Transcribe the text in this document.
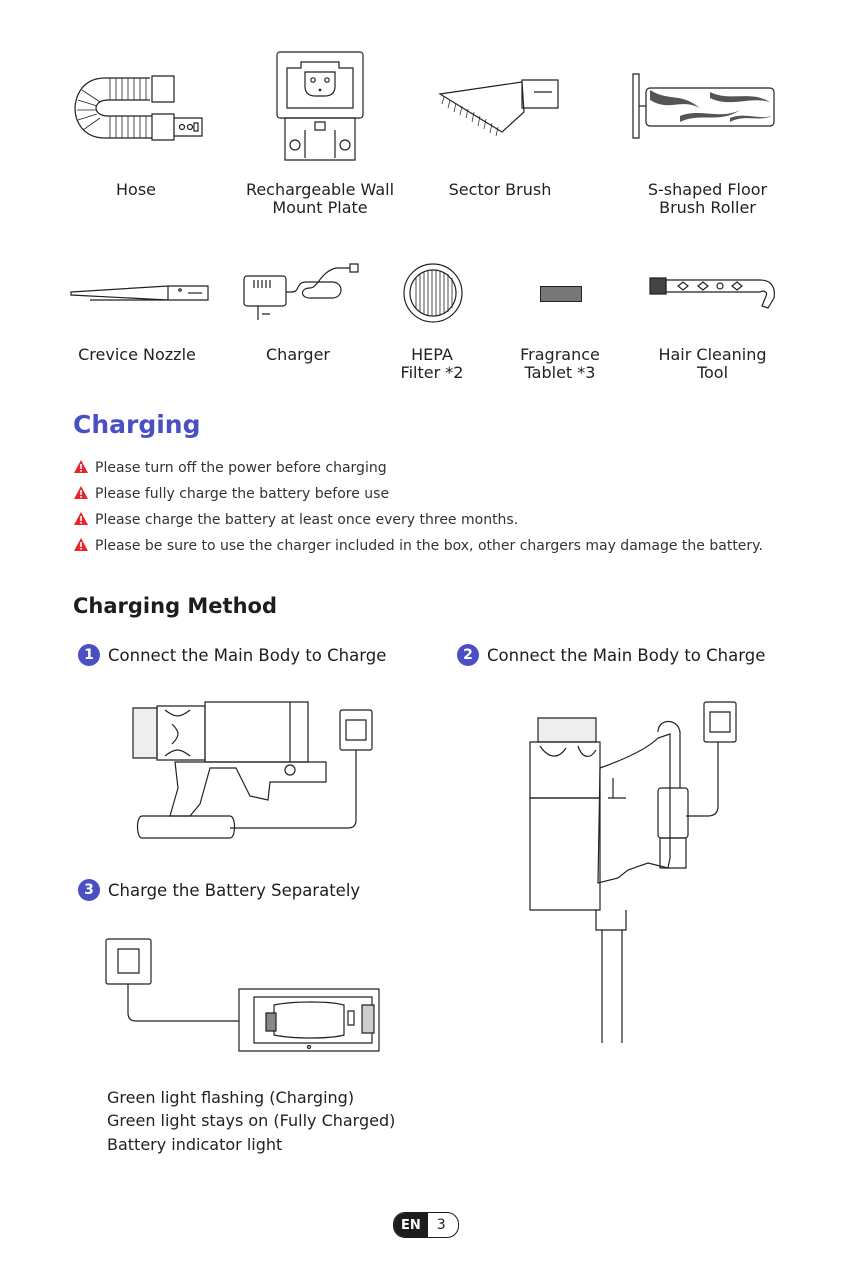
Hose	Rechargeable Wall
Mount Plate
Sector Brush	S-shaped Floor
Brush Roller
Crevice Nozzle	Charger	HEPA
Filter *2
Fragrance
Tablet *3
Hair Cleaning
Tool
Charging
Please turn off the power before charging
Please fully charge the battery before use
Please charge the battery at least once every three months.
Please be sure to use the charger included in the box, other chargers may damage the battery.
Charging Method
1 Connect the Main Body to Charge	2 Connect the Main Body to Charge
3 Charge the Battery Separately
Green light flashing (Charging)
Green light stays on (Fully Charged)
Battery indicator light
EN	3
